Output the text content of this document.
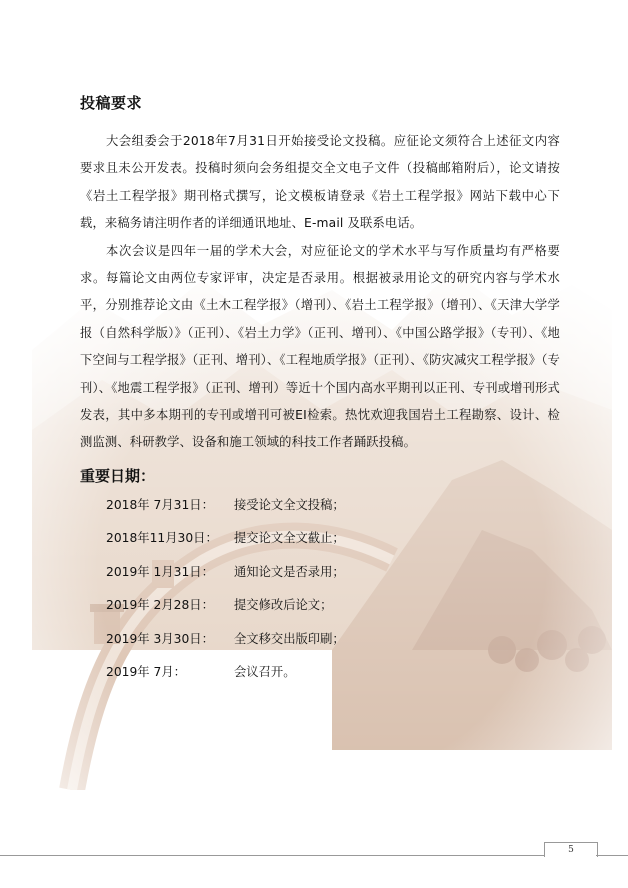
投稿要求

大会组委会于2018年7月31日开始接受论文投稿。应征论文须符合上述征文内容要求且未公开发表。投稿时须向会务组提交全文电子文件（投稿邮箱附后），论文请按《岩土工程学报》期刊格式撰写，论文模板请登录《岩土工程学报》网站下载中心下载，来稿务请注明作者的详细通讯地址、E-mail 及联系电话。

本次会议是四年一届的学术大会，对应征论文的学术水平与写作质量均有严格要求。每篇论文由两位专家评审，决定是否录用。根据被录用论文的研究内容与学术水平，分别推荐论文由《土木工程学报》（增刊）、《岩土工程学报》（增刊）、《天津大学学报（自然科学版）》（正刊）、《岩土力学》（正刊、增刊）、《中国公路学报》（专刊）、《地下空间与工程学报》（正刊、增刊）、《工程地质学报》（正刊）、《防灾减灾工程学报》（专刊）、《地震工程学报》（正刊、增刊）等近十个国内高水平期刊以正刊、专刊或增刊形式发表，其中多本期刊的专刊或增刊可被EI检索。热忱欢迎我国岩土工程勘察、设计、检测监测、科研教学、设备和施工领域的科技工作者踊跃投稿。

重要日期：
2018年 7月31日：	接受论文全文投稿；
2018年11月30日：	提交论文全文截止；
2019年 1月31日：	通知论文是否录用；
2019年 2月28日：	提交修改后论文；
2019年 3月30日：	全文移交出版印刷；
2019年 7月：	会议召开。
5
